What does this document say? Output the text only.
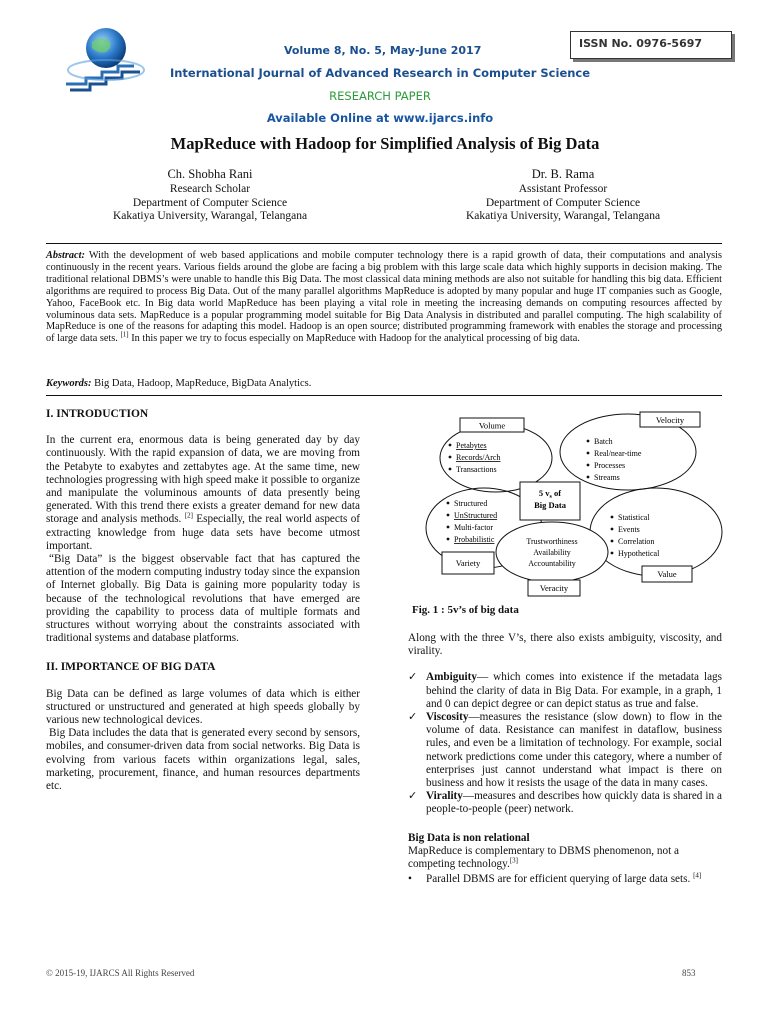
Volume 8, No. 5, May-June 2017
ISSN No. 0976-5697
International Journal of Advanced Research in Computer Science
RESEARCH PAPER
Available Online at www.ijarcs.info
MapReduce with Hadoop for Simplified Analysis of Big Data
Ch. Shobha Rani
Research Scholar
Department of Computer Science
Kakatiya University, Warangal, Telangana
Dr. B. Rama
Assistant Professor
Department of Computer Science
Kakatiya University, Warangal, Telangana
Abstract: With the development of web based applications and mobile computer technology there is a rapid growth of data, their computations and analysis continuously in the recent years. Various fields around the globe are facing a big problem with this large scale data which highly supports in decision making. The traditional relational DBMS’s were unable to handle this Big Data. The most classical data mining methods are also not suitable for handling this big data. Efficient algorithms are required to process Big Data. Out of the many parallel algorithms MapReduce is adopted by many popular and huge IT companies such as Google, Yahoo, FaceBook etc. In Big data world MapReduce has been playing a vital role in meeting the increasing demands on computing resources affected by voluminous data sets. MapReduce is a popular programming model suitable for Big Data Analysis in distributed and parallel computing. The high scalability of MapReduce is one of the reasons for adapting this model. Hadoop is an open source; distributed programming framework with enables the storage and processing of large data sets. [1] In this paper we try to focus especially on MapReduce with Hadoop for the analytical processing of big data.
Keywords: Big Data, Hadoop, MapReduce, BigData Analytics.
I. INTRODUCTION

In the current era, enormous data is being generated day by day continuously. With the rapid expansion of data, we are moving from the Petabyte to exabytes and zettabytes age. At the same time, new technologies progressing with high speed make it possible to organize and manipulate the voluminous amounts of data presently being generated. With this trend there exists a greater demand for new data storage and analysis methods. [2] Especially, the real world aspects of extracting knowledge from huge data sets have become utmost important.

“Big Data” is the biggest observable fact that has captured the attention of the modern computing industry today since the expansion of Internet globally. Big Data is gaining more popularity today is because of the technological revolutions that have emerged are providing the capability to process data of multiple formats and structures without worrying about the constraints associated with traditional systems and database platforms.

II. IMPORTANCE OF BIG DATA

Big Data can be defined as large volumes of data which is either structured or unstructured and generated at high speeds globally by various new technological devices.

Big Data includes the data that is generated every second by sensors, mobiles, and consumer-driven data from social networks. Big Data is evolving from various facets within organizations legal, sales, marketing, procurement, finance, and human resources departments etc.

5 $v_s$ of
Big Data
Volume
Velocity
Variety
Value
Veracity
Petabytes
Records/Arch
Transactions
Batch
Real/near-time
Processes
Streams
Structured
UnStructured
Multi-factor
Probabilistic
Statistical
Events
Correlation
Hypothetical
Trustworthiness
Availability
Accountability
Fig. 1 : 5v’s of big data

Along with the three V’s, there also exists ambiguity, viscosity, and virality.

✓ Ambiguity— which comes into existence if the metadata lags behind the clarity of data in Big Data. For example, in a graph, 1 and 0 can depict degree or can depict status as true and false.
✓ Viscosity—measures the resistance (slow down) to flow in the volume of data. Resistance can manifest in dataflow, business rules, and even be a limitation of technology. For example, social network predictions come under this category, where a number of enterprises just cannot understand what impact is there on business and how it resists the usage of the data in many cases.
✓ Virality—measures and describes how quickly data is shared in a people-to-people (peer) network.
Big Data is non relational

MapReduce is complementary to DBMS phenomenon, not a competing technology.[3]

• Parallel DBMS are for efficient querying of large data sets. [4]
© 2015-19, IJARCS All Rights Reserved	853
